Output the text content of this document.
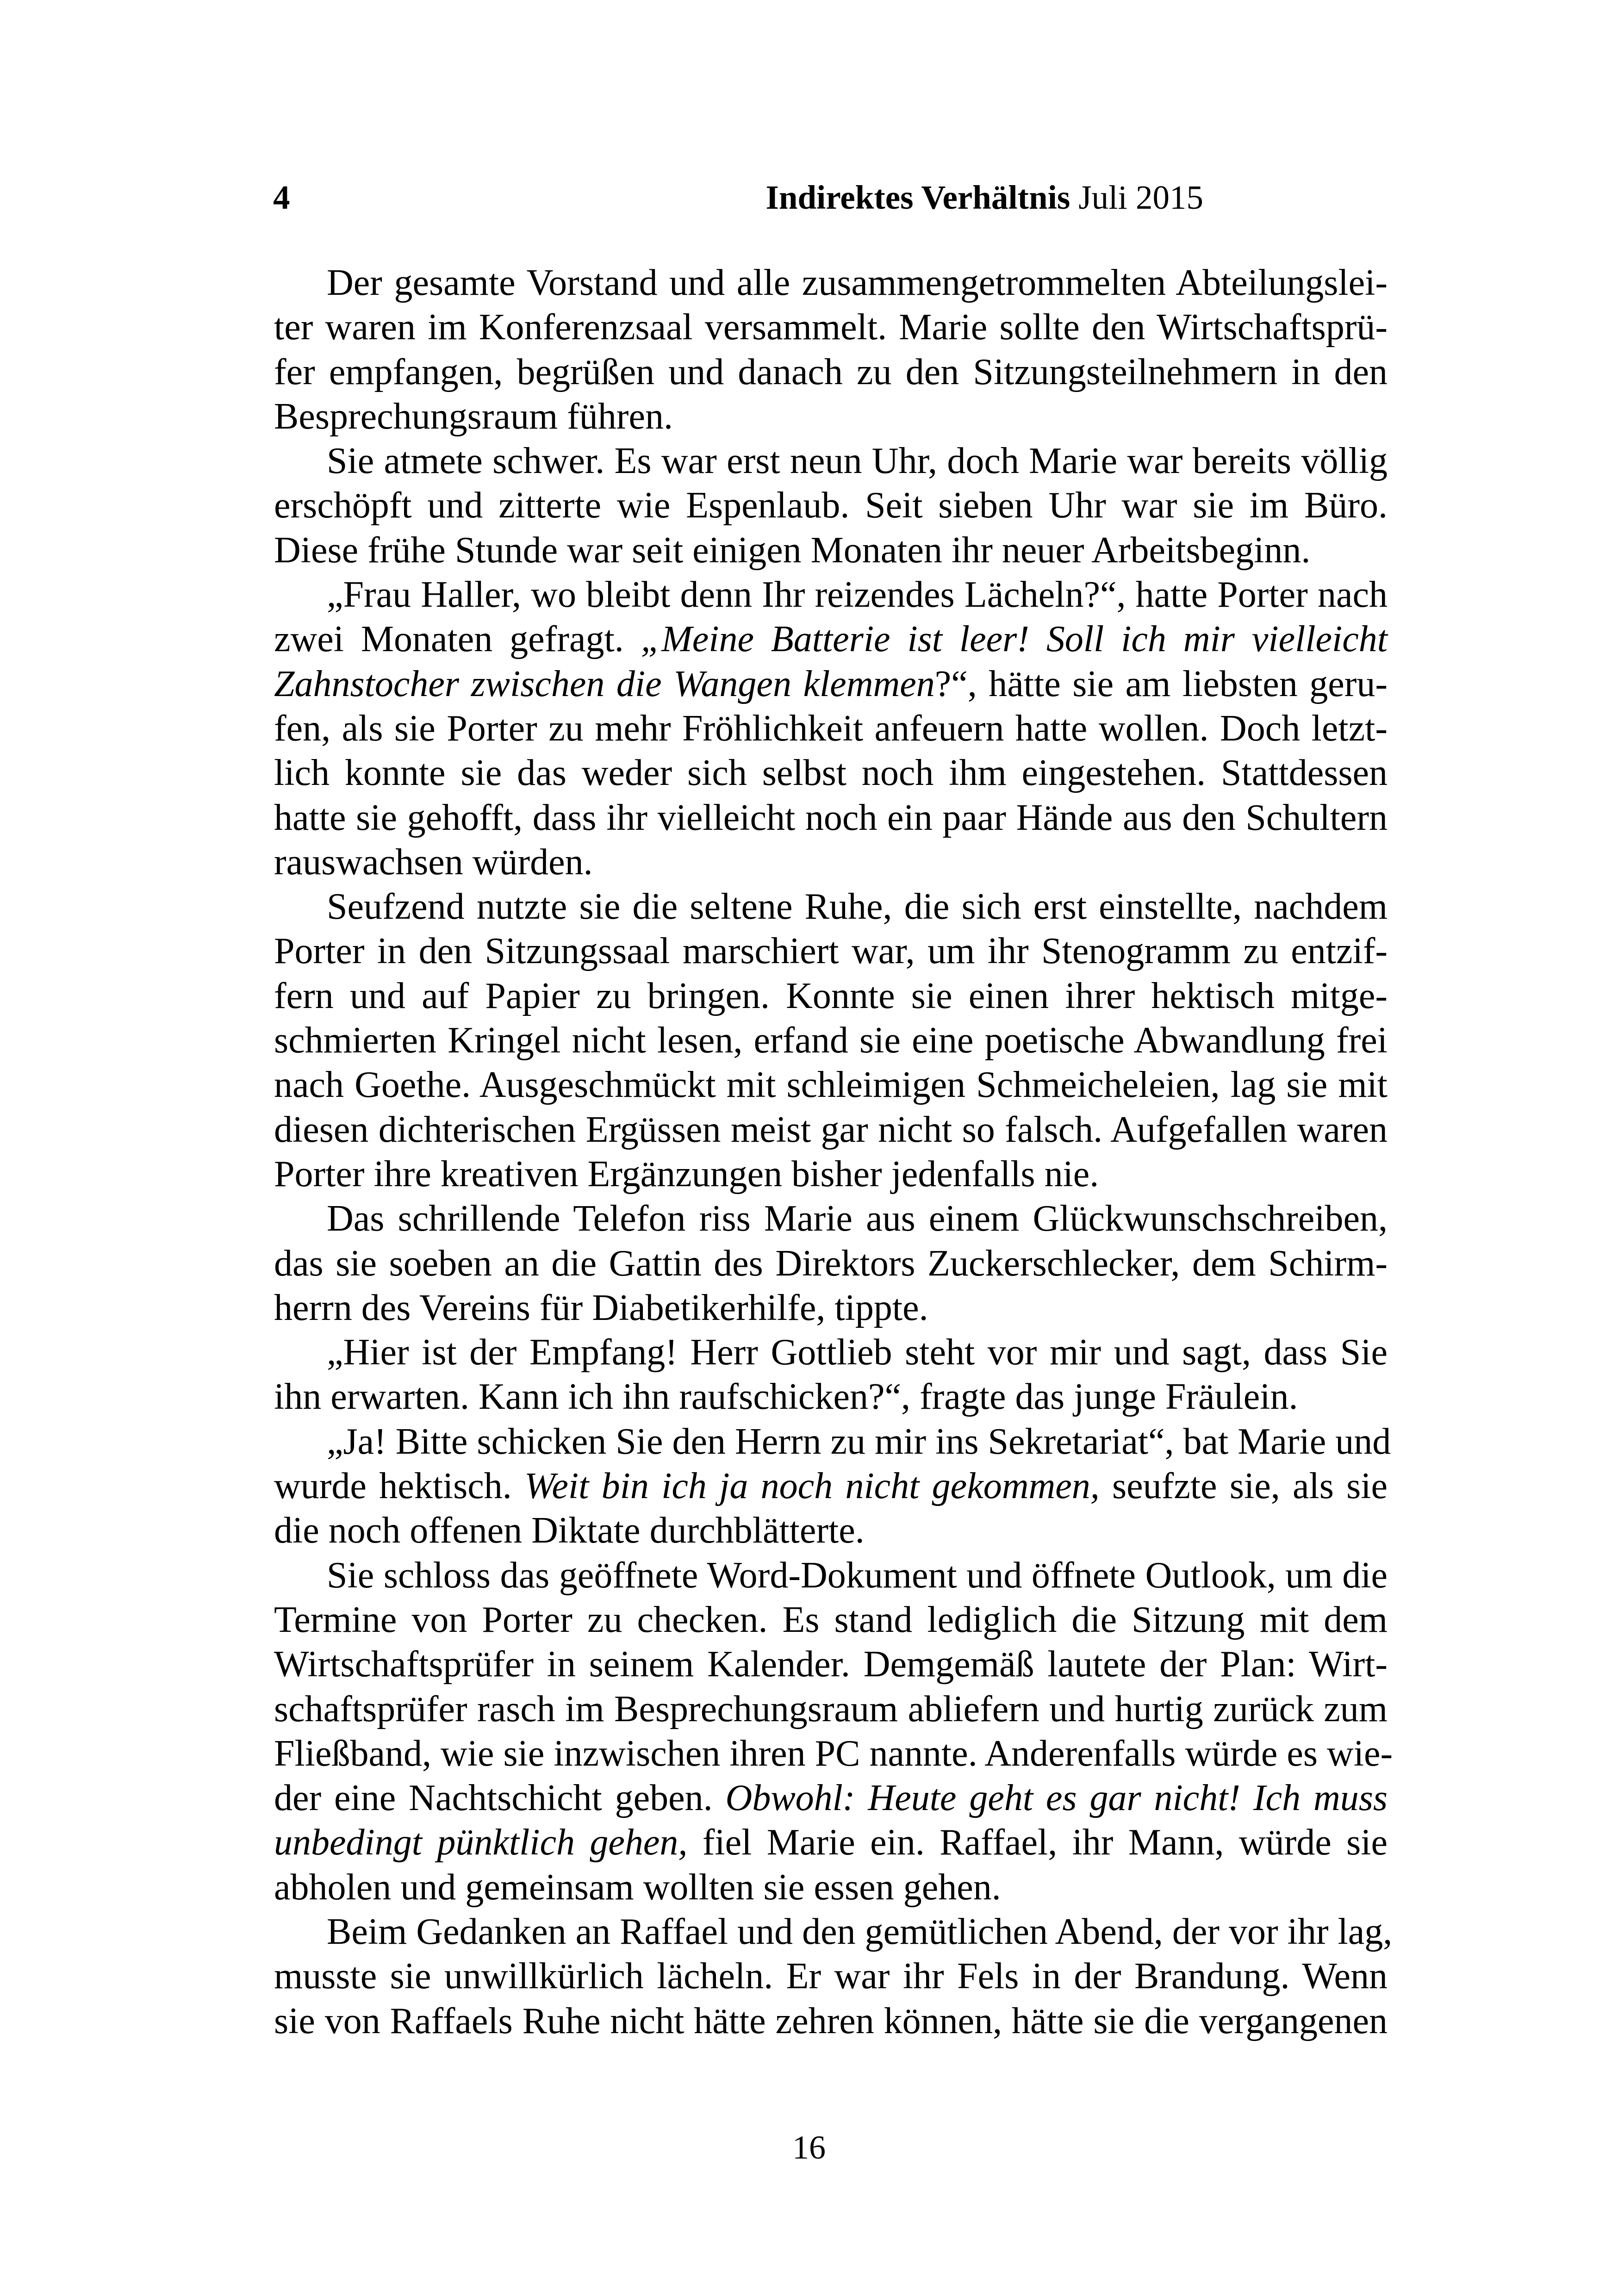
4	Indirektes Verhältnis Juli 2015
Der gesamte Vorstand und alle zusammengetrommelten Abteilungslei-
ter waren im Konferenzsaal versammelt. Marie sollte den Wirtschaftsprü-
fer empfangen, begrüßen und danach zu den Sitzungsteilnehmern in den
Besprechungsraum führen.
Sie atmete schwer. Es war erst neun Uhr, doch Marie war bereits völlig
erschöpft und zitterte wie Espenlaub. Seit sieben Uhr war sie im Büro.
Diese frühe Stunde war seit einigen Monaten ihr neuer Arbeitsbeginn.
„Frau Haller, wo bleibt denn Ihr reizendes Lächeln?“, hatte Porter nach
zwei Monaten gefragt. „Meine Batterie ist leer! Soll ich mir vielleicht
Zahnstocher zwischen die Wangen klemmen?“, hätte sie am liebsten geru-
fen, als sie Porter zu mehr Fröhlichkeit anfeuern hatte wollen. Doch letzt-
lich konnte sie das weder sich selbst noch ihm eingestehen. Stattdessen
hatte sie gehofft, dass ihr vielleicht noch ein paar Hände aus den Schultern
rauswachsen würden.
Seufzend nutzte sie die seltene Ruhe, die sich erst einstellte, nachdem
Porter in den Sitzungssaal marschiert war, um ihr Stenogramm zu entzif-
fern und auf Papier zu bringen. Konnte sie einen ihrer hektisch mitge-
schmierten Kringel nicht lesen, erfand sie eine poetische Abwandlung frei
nach Goethe. Ausgeschmückt mit schleimigen Schmeicheleien, lag sie mit
diesen dichterischen Ergüssen meist gar nicht so falsch. Aufgefallen waren
Porter ihre kreativen Ergänzungen bisher jedenfalls nie.
Das schrillende Telefon riss Marie aus einem Glückwunschschreiben,
das sie soeben an die Gattin des Direktors Zuckerschlecker, dem Schirm-
herrn des Vereins für Diabetikerhilfe, tippte.
„Hier ist der Empfang! Herr Gottlieb steht vor mir und sagt, dass Sie
ihn erwarten. Kann ich ihn raufschicken?“, fragte das junge Fräulein.
„Ja! Bitte schicken Sie den Herrn zu mir ins Sekretariat“, bat Marie und
wurde hektisch. Weit bin ich ja noch nicht gekommen, seufzte sie, als sie
die noch offenen Diktate durchblätterte.
Sie schloss das geöffnete Word-Dokument und öffnete Outlook, um die
Termine von Porter zu checken. Es stand lediglich die Sitzung mit dem
Wirtschaftsprüfer in seinem Kalender. Demgemäß lautete der Plan: Wirt-
schaftsprüfer rasch im Besprechungsraum abliefern und hurtig zurück zum
Fließband, wie sie inzwischen ihren PC nannte. Anderenfalls würde es wie-
der eine Nachtschicht geben. Obwohl: Heute geht es gar nicht! Ich muss
unbedingt pünktlich gehen, fiel Marie ein. Raffael, ihr Mann, würde sie
abholen und gemeinsam wollten sie essen gehen.
Beim Gedanken an Raffael und den gemütlichen Abend, der vor ihr lag,
musste sie unwillkürlich lächeln. Er war ihr Fels in der Brandung. Wenn
sie von Raffaels Ruhe nicht hätte zehren können, hätte sie die vergangenen
16
